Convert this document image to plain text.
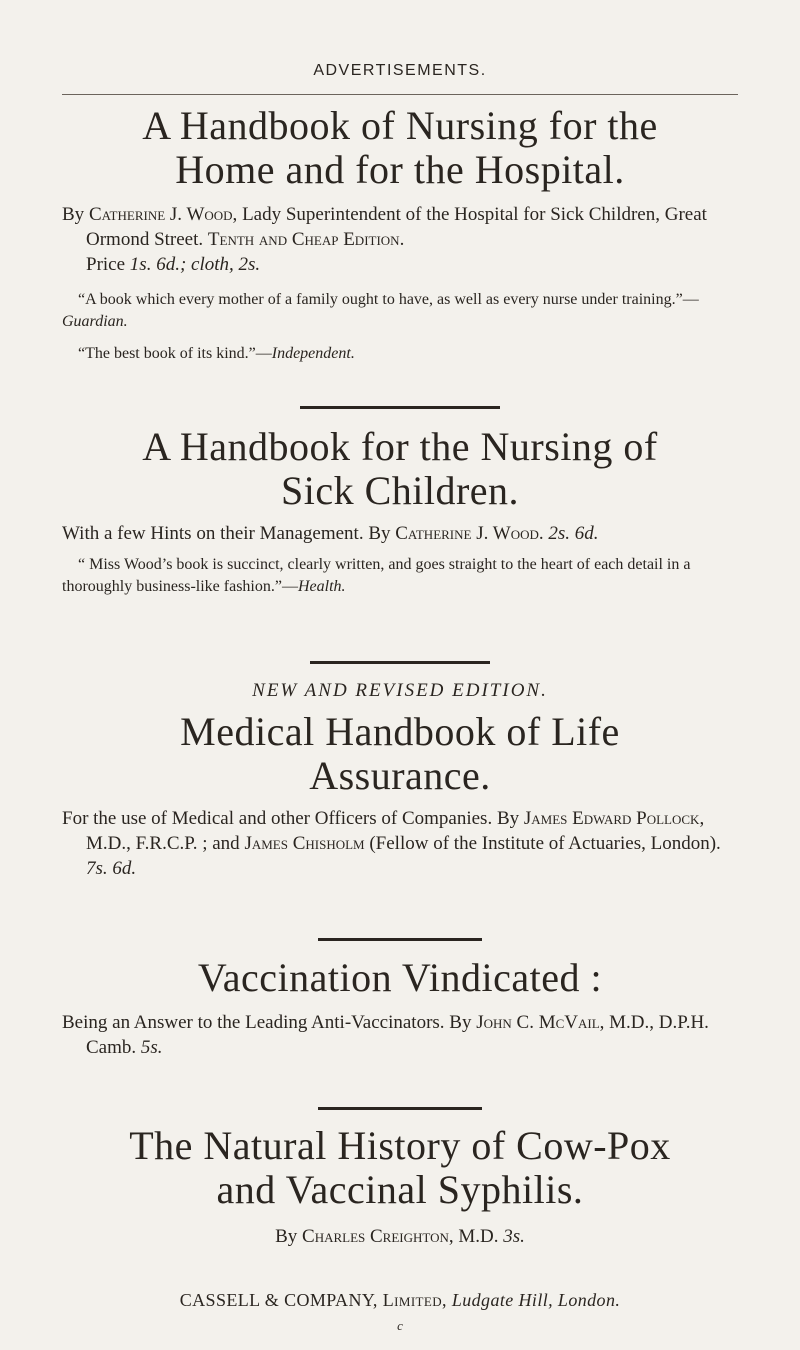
ADVERTISEMENTS.
A Handbook of Nursing for the
Home and for the Hospital.

By Catherine J. Wood, Lady Superintendent of the Hospital for Sick Children, Great Ormond Street. Tenth and Cheap Edition.

Price 1s. 6d.; cloth, 2s.

“A book which every mother of a family ought to have, as well as every nurse under training.”—Guardian.

“The best book of its kind.”—Independent.

A Handbook for the Nursing of
Sick Children.

With a few Hints on their Management. By Catherine J. Wood. 2s. 6d.

“ Miss Wood’s book is succinct, clearly written, and goes straight to the heart of each detail in a thoroughly business-like fashion.”—Health.

NEW AND REVISED EDITION.
Medical Handbook of Life
Assurance.

For the use of Medical and other Officers of Companies. By James Edward Pollock, M.D., F.R.C.P. ; and James Chisholm (Fellow of the Institute of Actuaries, London). 7s. 6d.

Vaccination Vindicated :

Being an Answer to the Leading Anti-Vaccinators. By John C. McVail, M.D., D.P.H. Camb. 5s.

The Natural History of Cow-Pox
and Vaccinal Syphilis.

By Charles Creighton, M.D. 3s.

CASSELL & COMPANY, Limited, Ludgate Hill, London.
c
